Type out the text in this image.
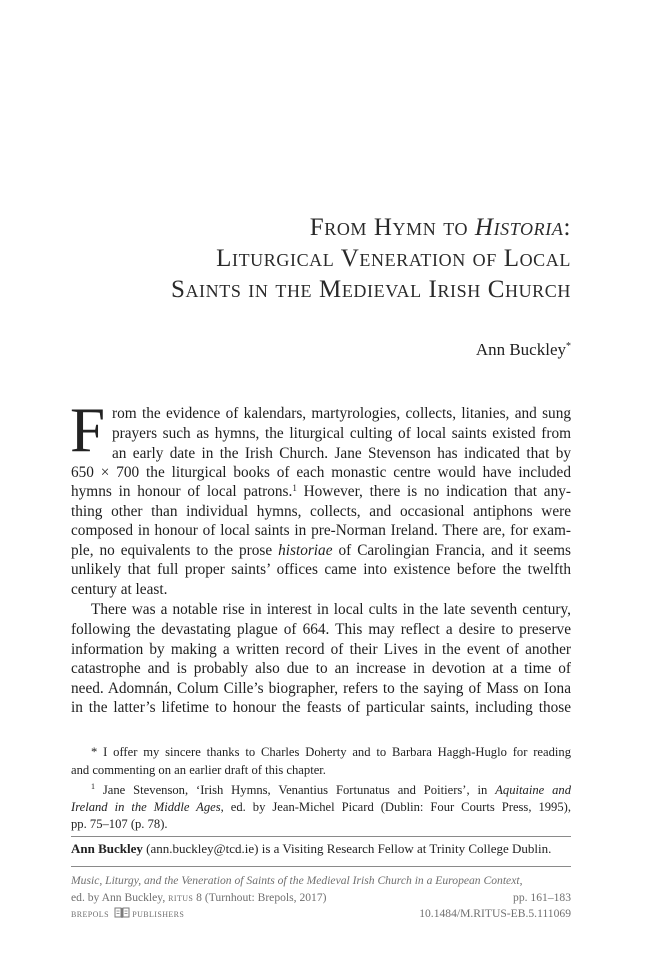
From Hymn to Historia:
Liturgical Veneration of Local
Saints in the Medieval Irish Church
Ann Buckley*
F rom the evidence of kalendars, martyrologies, collects, litanies, and sung
prayers such as hymns, the liturgical culting of local saints existed from
an early date in the Irish Church. Jane Stevenson has indicated that by
650 × 700 the liturgical books of each monastic centre would have included
hymns in honour of local patrons.$^1$ However, there is no indication that any-
thing other than individual hymns, collects, and occasional antiphons were
composed in honour of local saints in pre-Norman Ireland. There are, for exam-
ple, no equivalents to the prose historiae of Carolingian Francia, and it seems
unlikely that full proper saints’ offices came into existence before the twelfth
century at least.
There was a notable rise in interest in local cults in the late seventh century,
following the devastating plague of 664. This may reflect a desire to preserve
information by making a written record of their Lives in the event of another
catastrophe and is probably also due to an increase in devotion at a time of
need. Adomnán, Colum Cille’s biographer, refers to the saying of Mass on Iona
in the latter’s lifetime to honour the feasts of particular saints, including those
* I offer my sincere thanks to Charles Doherty and to Barbara Haggh-Huglo for reading
and commenting on an earlier draft of this chapter.
$^1$ Jane Stevenson, ‘Irish Hymns, Venantius Fortunatus and Poitiers’, in Aquitaine and
Ireland in the Middle Ages, ed. by Jean-Michel Picard (Dublin: Four Courts Press, 1995),
pp. 75–107 (p. 78).
Ann Buckley (ann.buckley@tcd.ie) is a Visiting Research Fellow at Trinity College Dublin.
Music, Liturgy, and the Veneration of Saints of the Medieval Irish Church in a European Context,
ed. by Ann Buckley, ritus 8 (Turnhout: Brepols, 2017)	pp. 161–183
brepols publishers	10.1484/M.RITUS-EB.5.111069
